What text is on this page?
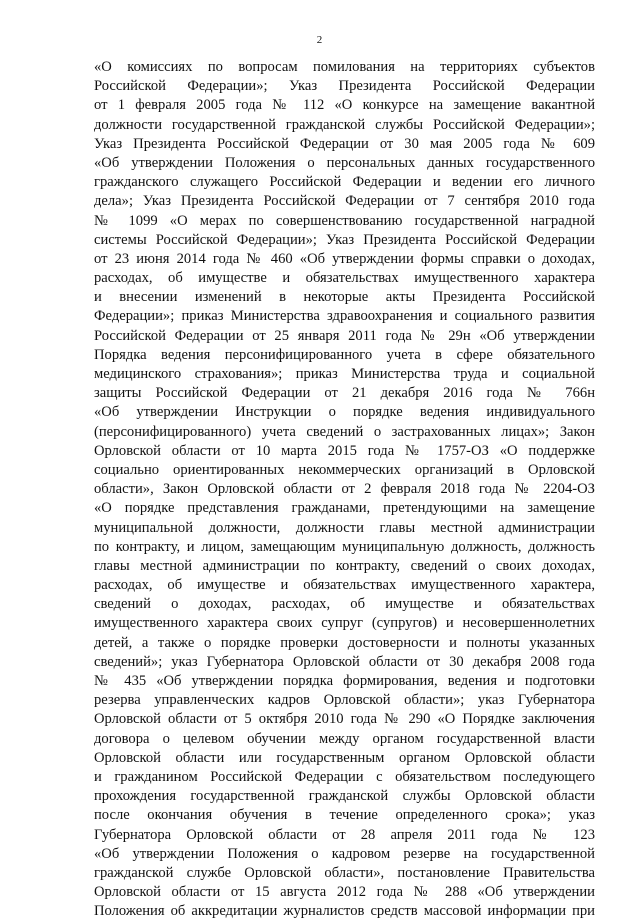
2
«О комиссиях по вопросам помилования на территориях субъектов
Российской Федерации»; Указ Президента Российской Федерации
от 1 февраля 2005 года № 112 «О конкурсе на замещение вакантной
должности государственной гражданской службы Российской Федерации»;
Указ Президента Российской Федерации от 30 мая 2005 года № 609
«Об утверждении Положения о персональных данных государственного
гражданского служащего Российской Федерации и ведении его личного
дела»; Указ Президента Российской Федерации от 7 сентября 2010 года
№ 1099 «О мерах по совершенствованию государственной наградной
системы Российской Федерации»; Указ Президента Российской Федерации
от 23 июня 2014 года № 460 «Об утверждении формы справки о доходах,
расходах, об имуществе и обязательствах имущественного характера
и внесении изменений в некоторые акты Президента Российской
Федерации»; приказ Министерства здравоохранения и социального развития
Российской Федерации от 25 января 2011 года № 29н «Об утверждении
Порядка ведения персонифицированного учета в сфере обязательного
медицинского страхования»; приказ Министерства труда и социальной
защиты Российской Федерации от 21 декабря 2016 года № 766н
«Об утверждении Инструкции о порядке ведения индивидуального
(персонифицированного) учета сведений о застрахованных лицах»; Закон
Орловской области от 10 марта 2015 года № 1757-ОЗ «О поддержке
социально ориентированных некоммерческих организаций в Орловской
области», Закон Орловской области от 2 февраля 2018 года № 2204-ОЗ
«О порядке представления гражданами, претендующими на замещение
муниципальной должности, должности главы местной администрации
по контракту, и лицом, замещающим муниципальную должность, должность
главы местной администрации по контракту, сведений о своих доходах,
расходах, об имуществе и обязательствах имущественного характера,
сведений о доходах, расходах, об имуществе и обязательствах
имущественного характера своих супруг (супругов) и несовершеннолетних
детей, а также о порядке проверки достоверности и полноты указанных
сведений»; указ Губернатора Орловской области от 30 декабря 2008 года
№ 435 «Об утверждении порядка формирования, ведения и подготовки
резерва управленческих кадров Орловской области»; указ Губернатора
Орловской области от 5 октября 2010 года № 290 «О Порядке заключения
договора о целевом обучении между органом государственной власти
Орловской области или государственным органом Орловской области
и гражданином Российской Федерации с обязательством последующего
прохождения государственной гражданской службы Орловской области
после окончания обучения в течение определенного срока»; указ
Губернатора Орловской области от 28 апреля 2011 года № 123
«Об утверждении Положения о кадровом резерве на государственной
гражданской службе Орловской области», постановление Правительства
Орловской области от 15 августа 2012 года № 288 «Об утверждении
Положения об аккредитации журналистов средств массовой информации при
